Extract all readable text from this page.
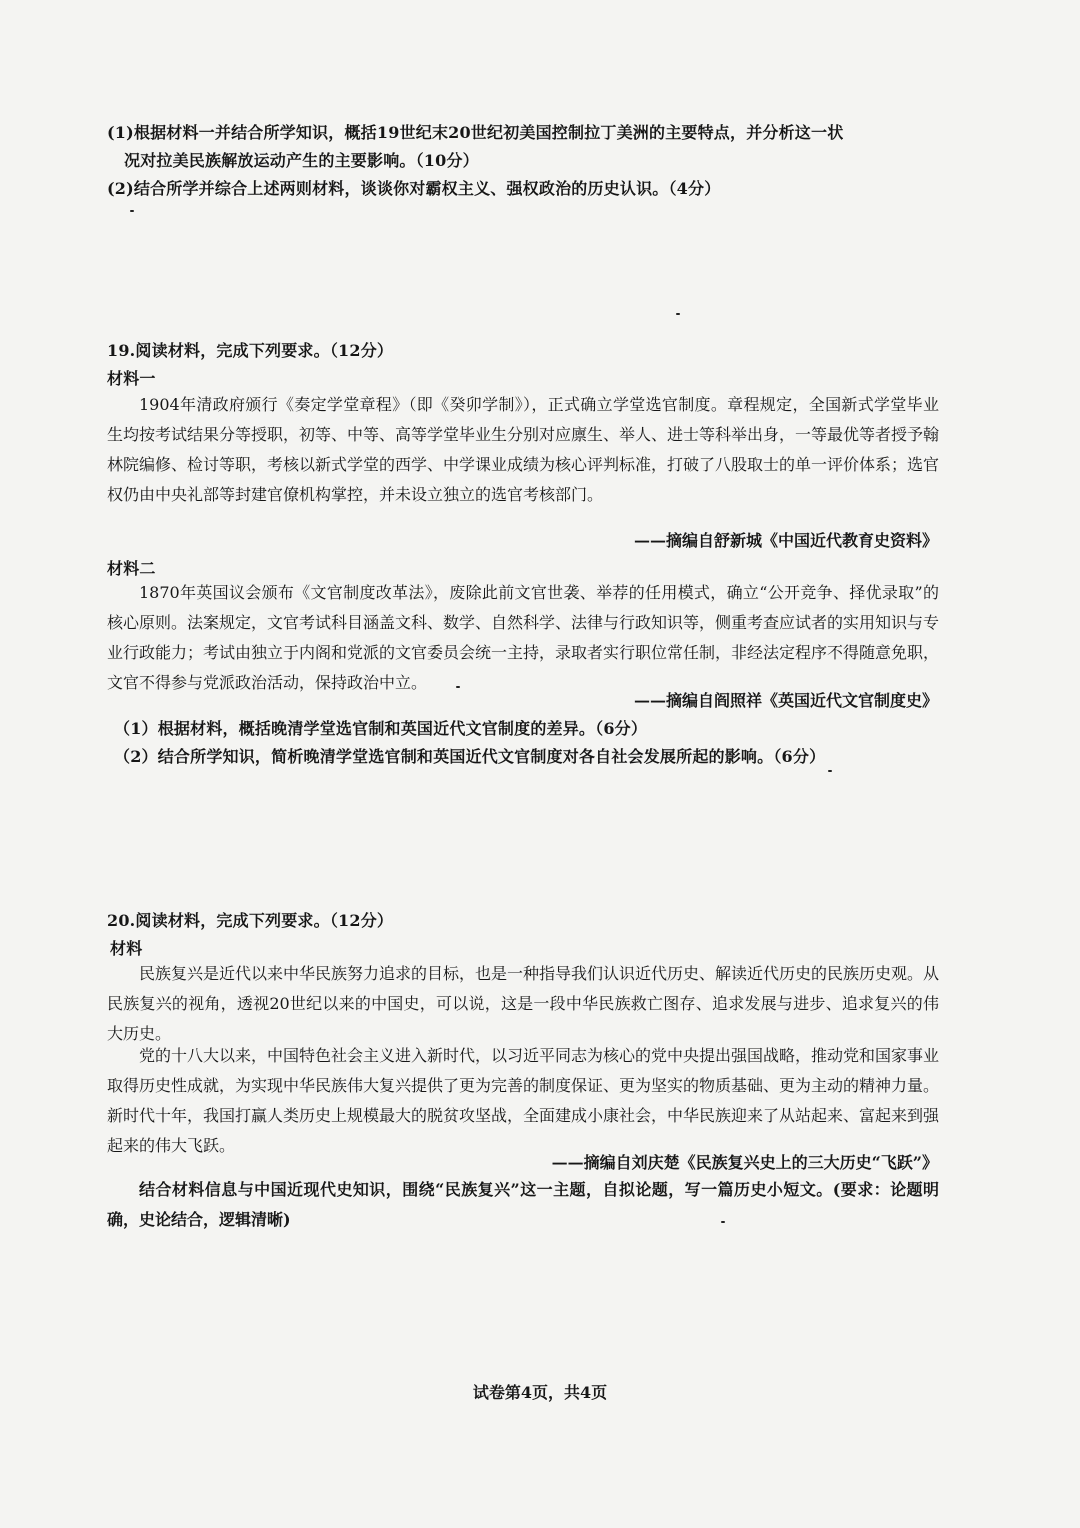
(1)根据材料一并结合所学知识，概括19世纪末20世纪初美国控制拉丁美洲的主要特点，并分析这一状
况对拉美民族解放运动产生的主要影响。（10分）
(2)结合所学并综合上述两则材料，谈谈你对霸权主义、强权政治的历史认识。（4分）
19.阅读材料，完成下列要求。（12分）
材料一
1904年清政府颁行《奏定学堂章程》（即《癸卯学制》），正式确立学堂选官制度。章程规定，全国新式学堂毕业生均按考试结果分等授职，初等、中等、高等学堂毕业生分别对应廪生、举人、进士等科举出身，一等最优等者授予翰林院编修、检讨等职，考核以新式学堂的西学、中学课业成绩为核心评判标准，打破了八股取士的单一评价体系；选官权仍由中央礼部等封建官僚机构掌控，并未设立独立的选官考核部门。
——摘编自舒新城《中国近代教育史资料》
材料二
1870年英国议会颁布《文官制度改革法》，废除此前文官世袭、举荐的任用模式，确立“公开竞争、择优录取”的核心原则。法案规定，文官考试科目涵盖文科、数学、自然科学、法律与行政知识等，侧重考查应试者的实用知识与专业行政能力；考试由独立于内阁和党派的文官委员会统一主持，录取者实行职位常任制，非经法定程序不得随意免职，文官不得参与党派政治活动，保持政治中立。
——摘编自阎照祥《英国近代文官制度史》
（1）根据材料，概括晚清学堂选官制和英国近代文官制度的差异。（6分）
（2）结合所学知识，简析晚清学堂选官制和英国近代文官制度对各自社会发展所起的影响。（6分）
20.阅读材料，完成下列要求。（12分）
材料
民族复兴是近代以来中华民族努力追求的目标，也是一种指导我们认识近代历史、解读近代历史的民族历史观。从民族复兴的视角，透视20世纪以来的中国史，可以说，这是一段中华民族救亡图存、追求发展与进步、追求复兴的伟大历史。
党的十八大以来，中国特色社会主义进入新时代，以习近平同志为核心的党中央提出强国战略，推动党和国家事业取得历史性成就，为实现中华民族伟大复兴提供了更为完善的制度保证、更为坚实的物质基础、更为主动的精神力量。新时代十年，我国打赢人类历史上规模最大的脱贫攻坚战，全面建成小康社会，中华民族迎来了从站起来、富起来到强起来的伟大飞跃。
——摘编自刘庆楚《民族复兴史上的三大历史“飞跃”》
结合材料信息与中国近现代史知识，围绕“民族复兴”这一主题，自拟论题，写一篇历史小短文。(要求：论题明确，史论结合，逻辑清晰)
试卷第4页，共4页
